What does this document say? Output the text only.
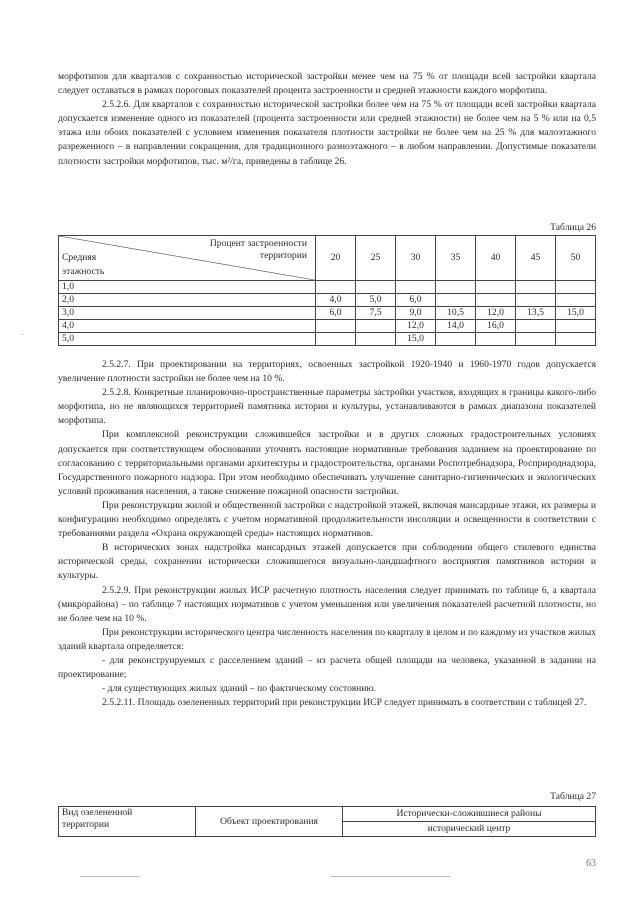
морфотипов для кварталов с сохранностью исторической застройки менее чем на 75 % от площади всей застройки квартала следует оставаться в рамках пороговых показателей процента застроенности и средней этажности каждого морфотипа.

2.5.2.6. Для кварталов с сохранностью исторической застройки более чем на 75 % от площади всей застройки квартала допускается изменение одного из показателей (процента застроенности или средней этажности) не более чем на 5 % или на 0,5 этажа или обоих показателей с условием изменения показателя плотности застройки не более чем на 25 % для малоэтажного разреженного – в направлении сокращения, для традиционного разноэтажного – в любом направлении. Допустимые показатели плотности застройки морфотипов, тыс. м²/га, приведены в таблице 26.

Таблица 26
Процент застроенности
территории
Средняя
этажность	20	25	30	35	40	45	50
1,0							
2,0	4,0	5,0	6,0				
3,0	6,0	7,5	9,0	10,5	12,0	13,5	15,0
4,0			12,0	14,0	16,0		
5,0			15,0				
..

2.5.2.7. При проектировании на территориях, освоенных застройкой 1920-1940 и 1960-1970 годов допускается увеличение плотности застройки не более чем на 10 %.

2.5.2.8. Конкретные планировочно-пространственные параметры застройки участков, входящих в границы какого-либо морфотипа, но не являющихся территорией памятника истории и культуры, устанавливаются в рамках диапазона показателей морфотипа.

При комплексной реконструкции сложившейся застройки и в других сложных градостроительных условиях допускается при соответствующем обосновании уточнять настоящие нормативные требования заданием на проектирование по согласованию с территориальными органами архитектуры и градостроительства, органами Роспотребнадзора, Росприроднадзора, Государственного пожарного надзора. При этом необходимо обеспечивать улучшение санитарно-гигиенических и экологических условий проживания населения, а также снижение пожарной опасности застройки.

При реконструкции жилой и общественной застройки с надстройкой этажей, включая мансардные этажи, их размеры и конфигурацию необходимо определять с учетом нормативной продолжительности инсоляции и освещенности в соответствии с требованиями раздела «Охрана окружающей среды» настоящих нормативов.

В исторических зонах надстройка мансардных этажей допускается при соблюдении общего стилевого единства исторической среды, сохранении исторически сложившегося визуально-ландшафтного восприятия памятников истории и культуры.

2.5.2.9. При реконструкции жилых ИСР расчетную плотность населения следует принимать по таблице 6, а квартала (микрорайона) – по таблице 7 настоящих нормативов с учетом уменьшения или увеличения показателей расчетной плотности, но не более чем на 10 %.

При реконструкции исторического центра численность населения по кварталу в целом и по каждому из участков жилых зданий квартала определяется:

- для реконструируемых с расселением зданий – из расчета общей площади на человека, указанной в задании на проектирование;

- для существующих жилых зданий – по фактическому состоянию.

2.5.2.11. Площадь озелененных территорий при реконструкции ИСР следует принимать в соответствии с таблицей 27.

Таблица 27
Вид озелененной
территории	Объект проектирования	Исторически-сложившиеся районы
исторический центр
63
